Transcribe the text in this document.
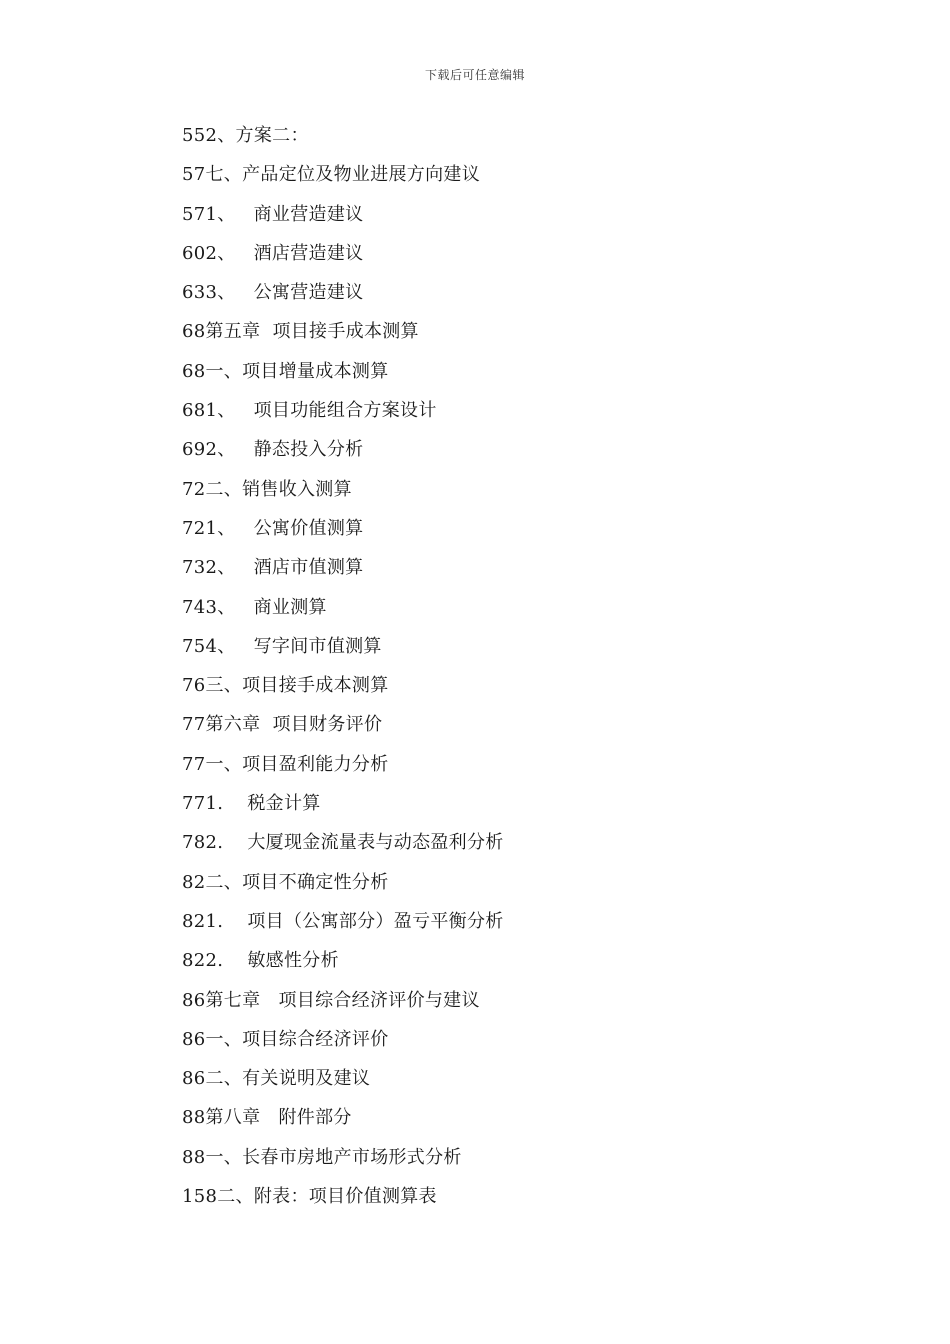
下载后可任意编辑
552、方案二：
57七、产品定位及物业进展方向建议
571、   商业营造建议
602、   酒店营造建议
633、   公寓营造建议
68第五章  项目接手成本测算
68一、项目增量成本测算
681、   项目功能组合方案设计
692、   静态投入分析
72二、销售收入测算
721、   公寓价值测算
732、   酒店市值测算
743、   商业测算
754、   写字间市值测算
76三、项目接手成本测算
77第六章  项目财务评价
77一、项目盈利能力分析
771.    税金计算
782.    大厦现金流量表与动态盈利分析
82二、项目不确定性分析
821.    项目（公寓部分）盈亏平衡分析
822.    敏感性分析
86第七章   项目综合经济评价与建议
86一、项目综合经济评价
86二、有关说明及建议
88第八章   附件部分
88一、长春市房地产市场形式分析
158二、附表：项目价值测算表
